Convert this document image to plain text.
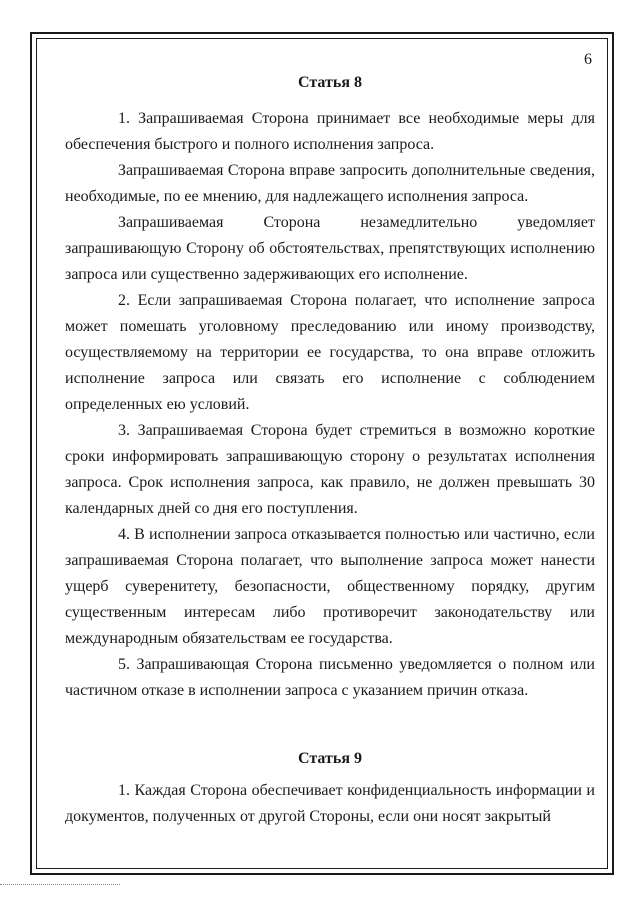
6
Статья 8

1. Запрашиваемая Сторона принимает все необходимые меры для обеспечения быстрого и полного исполнения запроса.

Запрашиваемая Сторона вправе запросить дополнительные сведения, необходимые, по ее мнению, для надлежащего исполнения запроса.

Запрашиваемая Сторона незамедлительно уведомляет запрашивающую Сторону об обстоятельствах, препятствующих исполнению запроса или существенно задерживающих его исполнение.

2. Если запрашиваемая Сторона полагает, что исполнение запроса может помешать уголовному преследованию или иному производству, осуществляемому на территории ее государства, то она вправе отложить исполнение запроса или связать его исполнение с соблюдением определенных ею условий.

3. Запрашиваемая Сторона будет стремиться в возможно короткие сроки информировать запрашивающую сторону о результатах исполнения запроса. Срок исполнения запроса, как правило, не должен превышать 30 календарных дней со дня его поступления.

4. В исполнении запроса отказывается полностью или частично, если запрашиваемая Сторона полагает, что выполнение запроса может нанести ущерб суверенитету, безопасности, общественному порядку, другим существенным интересам либо противоречит законодательству или международным обязательствам ее государства.

5. Запрашивающая Сторона письменно уведомляется о полном или частичном отказе в исполнении запроса с указанием причин отказа.

Статья 9

1. Каждая Сторона обеспечивает конфиденциальность информации и документов, полученных от другой Стороны, если они носят закрытый
